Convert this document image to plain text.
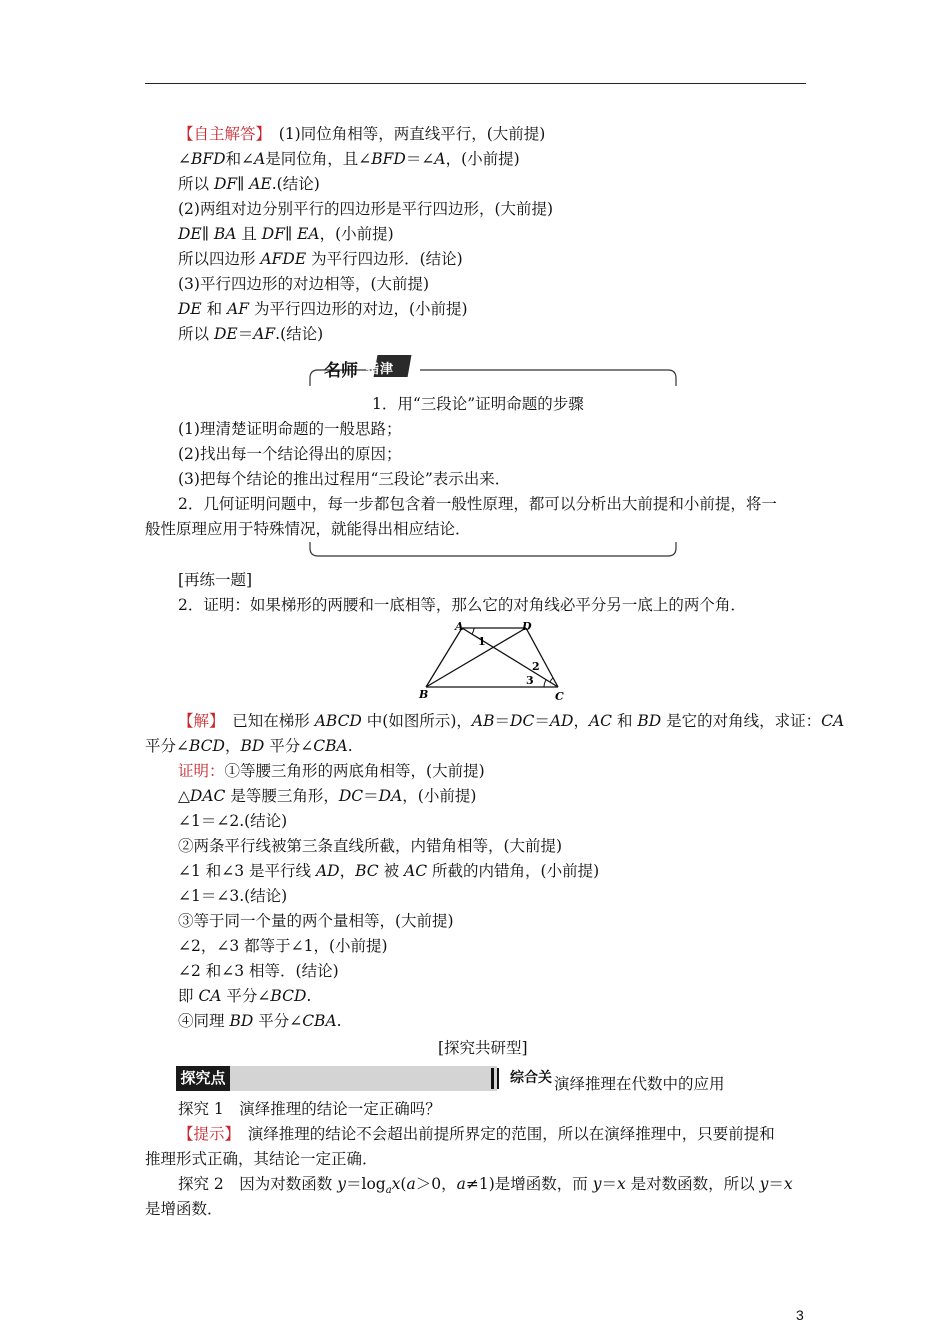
【自主解答】　(1)同位角相等，两直线平行，(大前提)
∠BFD和∠A是同位角，且∠BFD＝∠A，(小前提)
所以 DF∥ AE.(结论)
(2)两组对边分别平行的四边形是平行四边形，(大前提)
DE∥ BA 且 DF∥ EA，(小前提)
所以四边形 AFDE 为平行四边形．(结论)
(3)平行四边形的对边相等，(大前提)
DE 和 AF 为平行四边形的对边，(小前提)
所以 DE＝AF.(结论)
名师 指津
1．用“三段论”证明命题的步骤
(1)理清楚证明命题的一般思路；
(2)找出每一个结论得出的原因；
(3)把每个结论的推出过程用“三段论”表示出来．
2．几何证明问题中，每一步都包含着一般性原理，都可以分析出大前提和小前提，将一
般性原理应用于特殊情况，就能得出相应结论．
[再练一题]
2．证明：如果梯形的两腰和一底相等，那么它的对角线必平分另一底上的两个角．
A	D
B	C
1
2
3
【解】　已知在梯形 ABCD 中(如图所示)，AB＝DC＝AD，AC 和 BD 是它的对角线，求证：CA
平分∠BCD，BD 平分∠CBA.
证明：①等腰三角形的两底角相等，(大前提)
△DAC 是等腰三角形，DC＝DA，(小前提)
∠1＝∠2.(结论)
②两条平行线被第三条直线所截，内错角相等，(大前提)
∠1 和∠3 是平行线 AD，BC 被 AC 所截的内错角，(小前提)
∠1＝∠3.(结论)
③等于同一个量的两个量相等，(大前提)
∠2，∠3 都等于∠1，(小前提)
∠2 和∠3 相等．(结论)
即 CA 平分∠BCD.
④同理 BD 平分∠CBA.
[探究共研型]
探究点	综合关 演绎推理在代数中的应用
探究 1　演绎推理的结论一定正确吗？
【提示】　演绎推理的结论不会超出前提所界定的范围，所以在演绎推理中，只要前提和
推理形式正确，其结论一定正确．
探究 2　因为对数函数 $y=\log_ax(a>0$，a≠1)是增函数，而 y＝x 是对数函数，所以 y＝x
是增函数．
3
